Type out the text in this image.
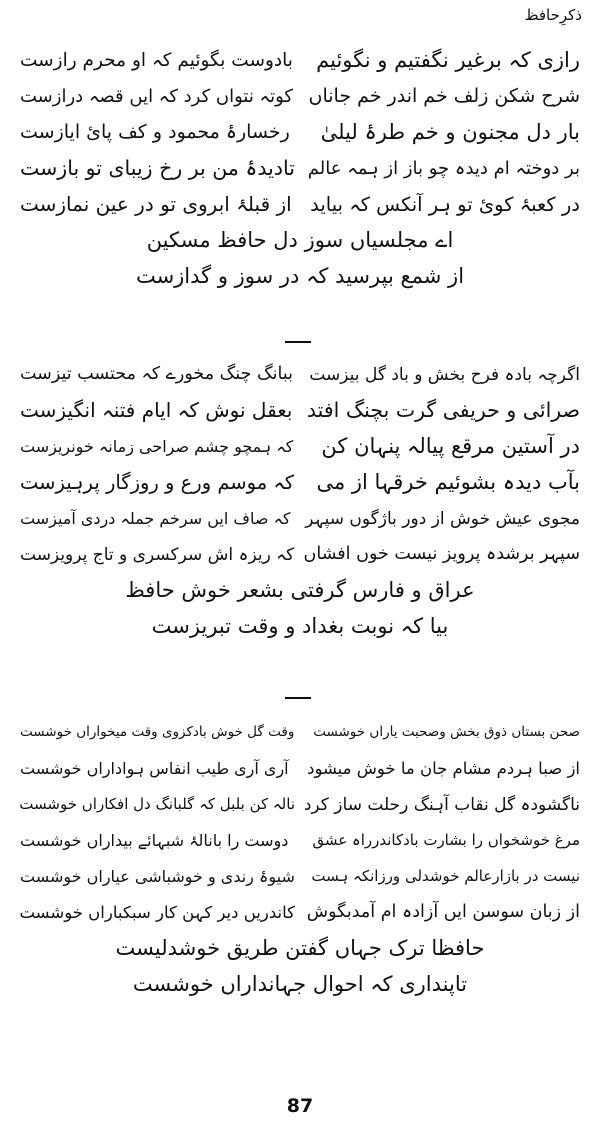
ذکرِحافظ
رازی کہ برغیر نگفتیم و نگوئیم
بادوست بگوئیم کہ او محرم رازست
شرح شکن زلف خم اندر خم جاناں
کوتہ نتواں کرد کہ ایں قصہ درازست
بار دل مجنون و خم طرۂ لیلیٰ
رخسارۂ محمود و کف پائ ایازست
بر دوختہ ام دیدہ چو باز از ہمہ عالم
تادیدۂ من بر رخ زیبای تو بازست
در کعبۂ کوئ تو ہر آنکس کہ بیاید
از قبلۂ ابروی تو در عین نمازست
اے مجلسیاں سوز دل حافظ مسکین
از شمع بپرسید کہ در سوز و گدازست
اگرچہ بادہ فرح بخش و باد گل بیزست
ببانگ چنگ مخورے کہ محتسب تیزست
صرائی و حریفی گرت بچنگ افتد
بعقل نوش کہ ایام فتنہ انگیزست
در آستین مرقع پیالہ پنہان کن
کہ ہمچو چشم صراحی زمانہ خونریزست
بآب دیدہ بشوئیم خرقہا از می
کہ موسم ورع و روزگار پرہیزست
مجوی عیش خوش از دور باژگوں سپہر
کہ صاف ایں سرخم جملہ دردی آمیزست
سپہر برشدہ پرویز نیست خوں افشاں
کہ ریزہ اش سرکسری و تاج پرویزست
عراق و فارس گرفتی بشعر خوش حافظ
بیا کہ نوبت بغداد و وقت تبریزست
صحن بستاں ذوق بخش وصحبت یاراں خوشست
وقت گل خوش بادکزوی وقت میخواراں خوشست
از صبا ہردم مشام جان ما خوش میشود
آری آری طیب انفاس ہواداراں خوشست
ناگشودہ گل نقاب آہنگ رحلت ساز کرد
نالہ کن بلبل کہ گلبانگ دل افکاراں خوشست
مرغ خوشخواں را بشارت بادکاندرراہ عشق
دوست را بانالۂ شبہائے بیداراں خوشست
نیست در بازارعالم خوشدلی ورزانکہ ہست
شیوۂ رندی و خوشباشی عیاراں خوشست
از زبان سوسن ایں آزادہ ام آمدبگوش
کاندریں دیر کہن کار سبکباراں خوشست
حافظا ترک جہاں گفتن طریق خوشدلیست
تاپنداری کہ احوال جہانداراں خوشست
87
